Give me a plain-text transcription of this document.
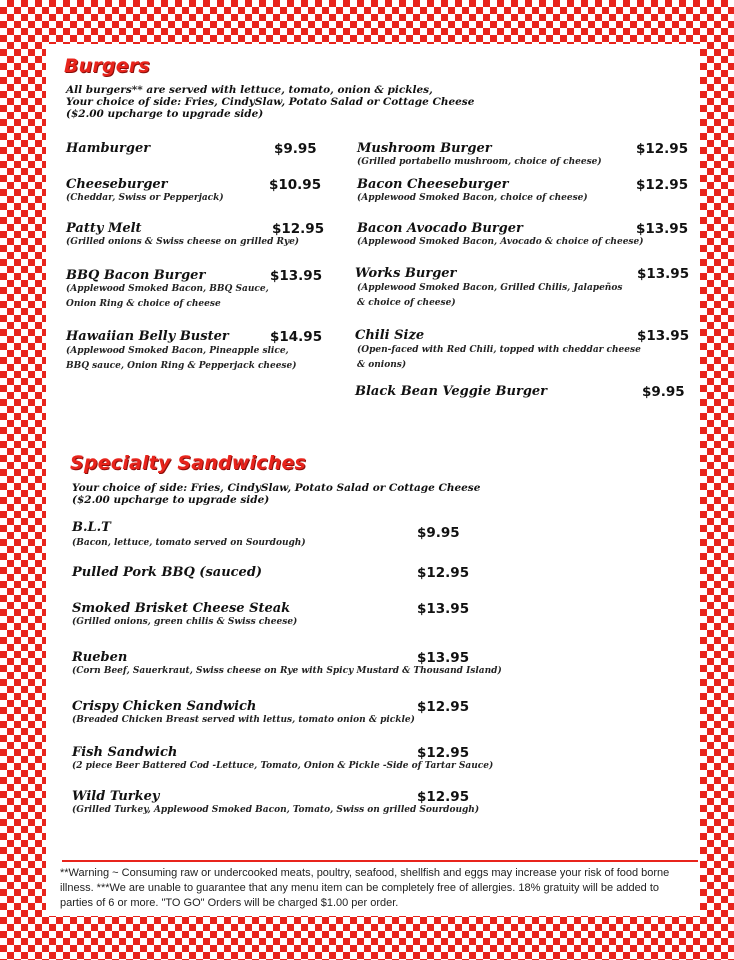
Burgers
All burgers** are served with lettuce, tomato, onion & pickles,
Your choice of side: Fries, CindySlaw, Potato Salad or Cottage Cheese
($2.00 upcharge to upgrade side)
Hamburger	$9.95
Cheeseburger	$10.95
(Cheddar, Swiss or Pepperjack)
Patty Melt	$12.95
(Grilled onions & Swiss cheese on grilled Rye)
BBQ Bacon Burger	$13.95
(Applewood Smoked Bacon, BBQ Sauce,
Onion Ring & choice of cheese
Hawaiian Belly Buster	$14.95
(Applewood Smoked Bacon, Pineapple slice,
BBQ sauce, Onion Ring & Pepperjack cheese)
Mushroom Burger	$12.95
(Grilled portabello mushroom, choice of cheese)
Bacon Cheeseburger	$12.95
(Applewood Smoked Bacon, choice of cheese)
Bacon Avocado Burger	$13.95
(Applewood Smoked Bacon, Avocado & choice of cheese)
Works Burger	$13.95
(Applewood Smoked Bacon, Grilled Chilis, Jalapeños
& choice of cheese)
Chili Size	$13.95
(Open-faced with Red Chili, topped with cheddar cheese
& onions)
Black Bean Veggie Burger	$9.95
Specialty Sandwiches
Your choice of side: Fries, CindySlaw, Potato Salad or Cottage Cheese
($2.00 upcharge to upgrade side)
B.L.T	$9.95
(Bacon, lettuce, tomato served on Sourdough)
Pulled Pork BBQ (sauced)	$12.95
Smoked Brisket Cheese Steak	$13.95
(Grilled onions, green chilis & Swiss cheese)
Rueben	$13.95
(Corn Beef, Sauerkraut, Swiss cheese on Rye with Spicy Mustard & Thousand Island)
Crispy Chicken Sandwich	$12.95
(Breaded Chicken Breast served with lettus, tomato onion & pickle)
Fish Sandwich	$12.95
(2 piece Beer Battered Cod -Lettuce, Tomato, Onion & Pickle -Side of Tartar Sauce)
Wild Turkey	$12.95
(Grilled Turkey, Applewood Smoked Bacon, Tomato, Swiss on grilled Sourdough)
**Warning ~ Consuming raw or undercooked meats, poultry, seafood, shellfish and eggs may increase your risk of food borne illness. ***We are unable to guarantee that any menu item can be completely free of allergies. 18% gratuity will be added to parties of 6 or more. "TO GO" Orders will be charged $1.00 per order.
